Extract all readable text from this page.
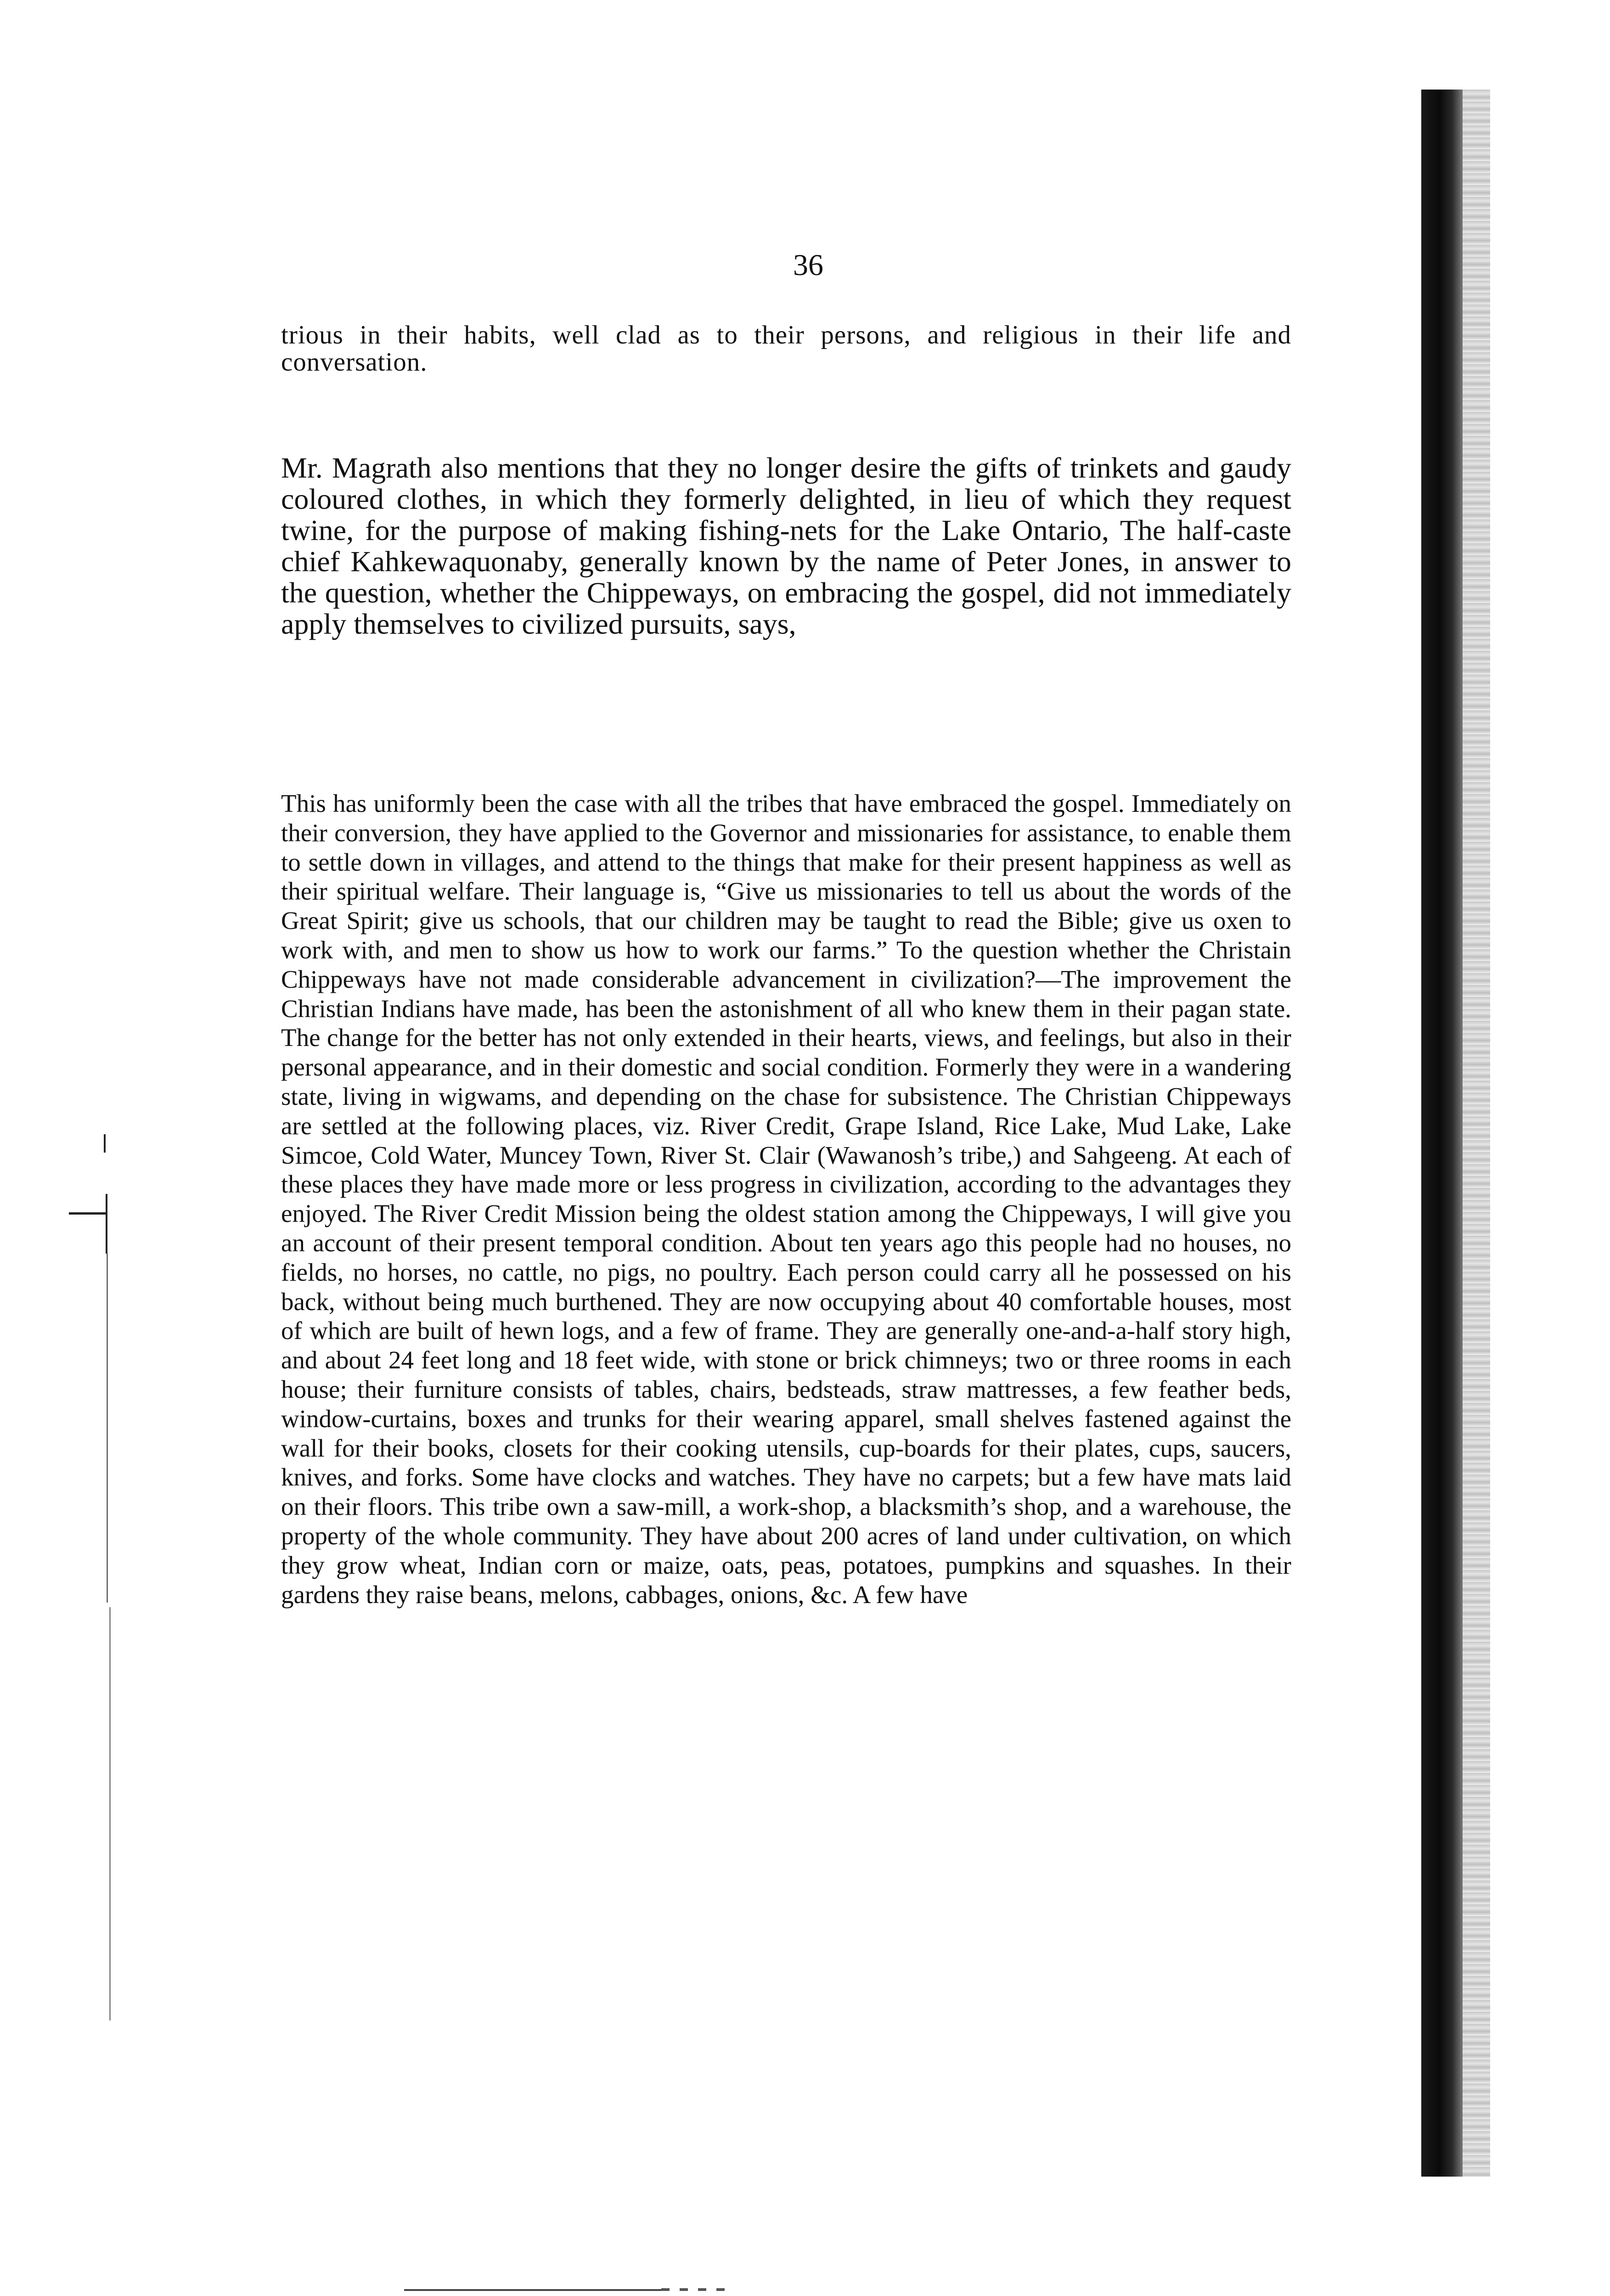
36

trious in their habits, well clad as to their persons, and religious in their life and conversation.

Mr. Magrath also mentions that they no longer desire the gifts of trinkets and gaudy coloured clothes, in which they formerly delighted, in lieu of which they request twine, for the purpose of making fishing-nets for the Lake Ontario, The half-caste chief Kahkewaquonaby, generally known by the name of Peter Jones, in answer to the question, whether the Chippeways, on embracing the gospel, did not immediately apply themselves to civilized pursuits, says,

This has uniformly been the case with all the tribes that have embraced the gospel. Immediately on their conversion, they have applied to the Governor and missionaries for assistance, to enable them to settle down in villages, and attend to the things that make for their present happiness as well as their spiritual welfare. Their language is, “Give us missionaries to tell us about the words of the Great Spirit; give us schools, that our children may be taught to read the Bible; give us oxen to work with, and men to show us how to work our farms.” To the question whether the Christain Chippeways have not made considerable advancement in civilization?—The improvement the Christian Indians have made, has been the astonishment of all who knew them in their pagan state. The change for the better has not only extended in their hearts, views, and feelings, but also in their personal appearance, and in their domestic and social condition. Formerly they were in a wandering state, living in wigwams, and depending on the chase for subsistence. The Christian Chippeways are settled at the following places, viz. River Credit, Grape Island, Rice Lake, Mud Lake, Lake Simcoe, Cold Water, Muncey Town, River St. Clair (Wawanosh’s tribe,) and Sahgeeng. At each of these places they have made more or less progress in civilization, according to the advantages they enjoyed. The River Credit Mission being the oldest station among the Chippeways, I will give you an account of their present temporal condition. About ten years ago this people had no houses, no fields, no horses, no cattle, no pigs, no poultry. Each person could carry all he possessed on his back, without being much burthened. They are now occupying about 40 comfortable houses, most of which are built of hewn logs, and a few of frame. They are generally one-and-a-half story high, and about 24 feet long and 18 feet wide, with stone or brick chimneys; two or three rooms in each house; their furniture consists of tables, chairs, bedsteads, straw mattresses, a few feather beds, window-curtains, boxes and trunks for their wearing apparel, small shelves fastened against the wall for their books, closets for their cooking utensils, cup-boards for their plates, cups, saucers, knives, and forks. Some have clocks and watches. They have no carpets; but a few have mats laid on their floors. This tribe own a saw-mill, a work-shop, a blacksmith’s shop, and a warehouse, the property of the whole community. They have about 200 acres of land under cultivation, on which they grow wheat, Indian corn or maize, oats, peas, potatoes, pumpkins and squashes. In their gardens they raise beans, melons, cabbages, onions, &c. A few have
